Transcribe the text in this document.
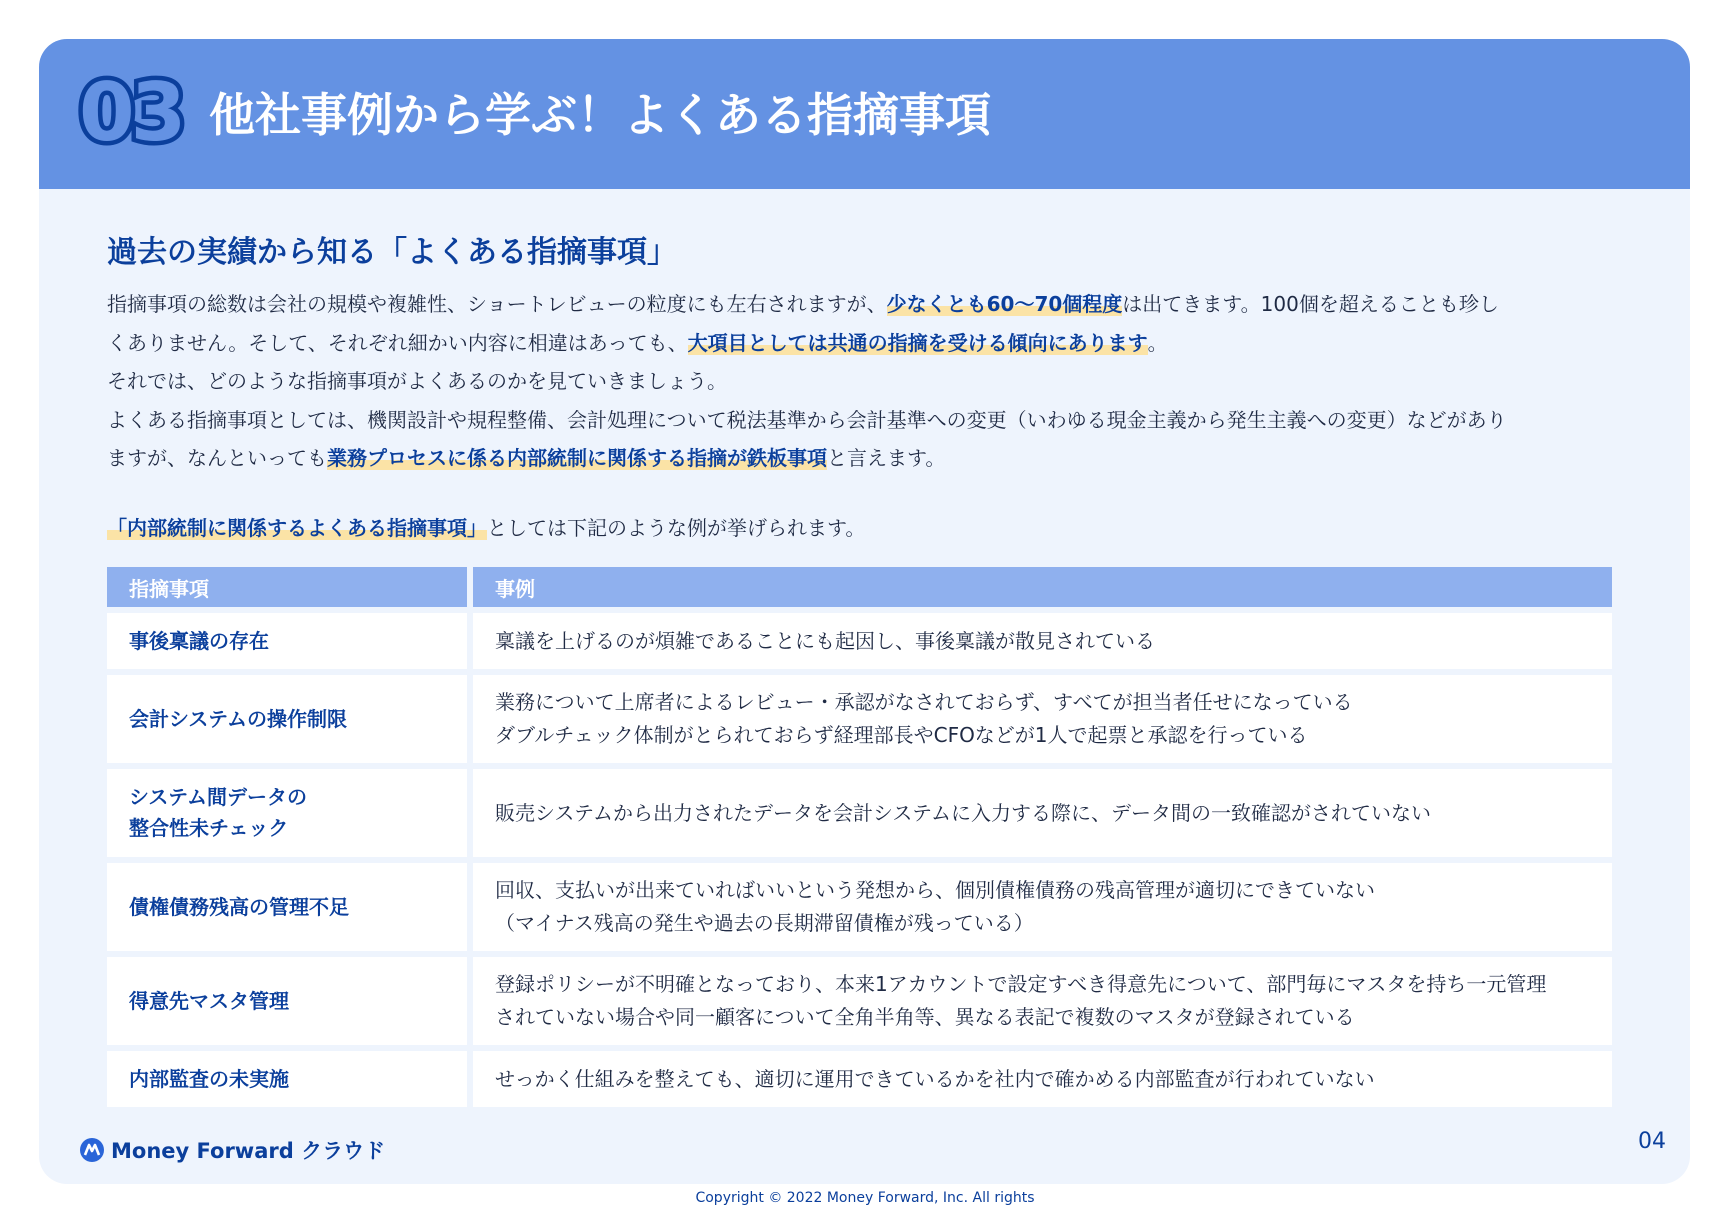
03 他社事例から学ぶ！よくある指摘事項
過去の実績から知る「よくある指摘事項」

指摘事項の総数は会社の規模や複雑性、ショートレビューの粒度にも左右されますが、少なくとも60〜70個程度は出てきます。100個を超えることも珍し

くありません。そして、それぞれ細かい内容に相違はあっても、大項目としては共通の指摘を受ける傾向にあります。

それでは、どのような指摘事項がよくあるのかを見ていきましょう。

よくある指摘事項としては、機関設計や規程整備、会計処理について税法基準から会計基準への変更（いわゆる現金主義から発生主義への変更）などがあり

ますが、なんといっても業務プロセスに係る内部統制に関係する指摘が鉄板事項と言えます。

「内部統制に関係するよくある指摘事項」としては下記のような例が挙げられます。
指摘事項	事例
事後稟議の存在	稟議を上げるのが煩雑であることにも起因し、事後稟議が散見されている

会計システムの操作制限	業務について上席者によるレビュー・承認がなされておらず、すべてが担当者任せになっている
ダブルチェック体制がとられておらず経理部長やCFOなどが1人で起票と承認を行っている

システム間データの
整合性未チェック	販売システムから出力されたデータを会計システムに入力する際に、データ間の一致確認がされていない

債権債務残高の管理不足	回収、支払いが出来ていればいいという発想から、個別債権債務の残高管理が適切にできていない
（マイナス残高の発生や過去の長期滞留債権が残っている）

得意先マスタ管理	登録ポリシーが不明確となっており、本来1アカウントで設定すべき得意先について、部門毎にマスタを持ち一元管理
されていない場合や同一顧客について全角半角等、異なる表記で複数のマスタが登録されている

内部監査の未実施	せっかく仕組みを整えても、適切に運用できているかを社内で確かめる内部監査が行われていない
Money Forward クラウド	04
Copyright © 2022 Money Forward, Inc. All rights
